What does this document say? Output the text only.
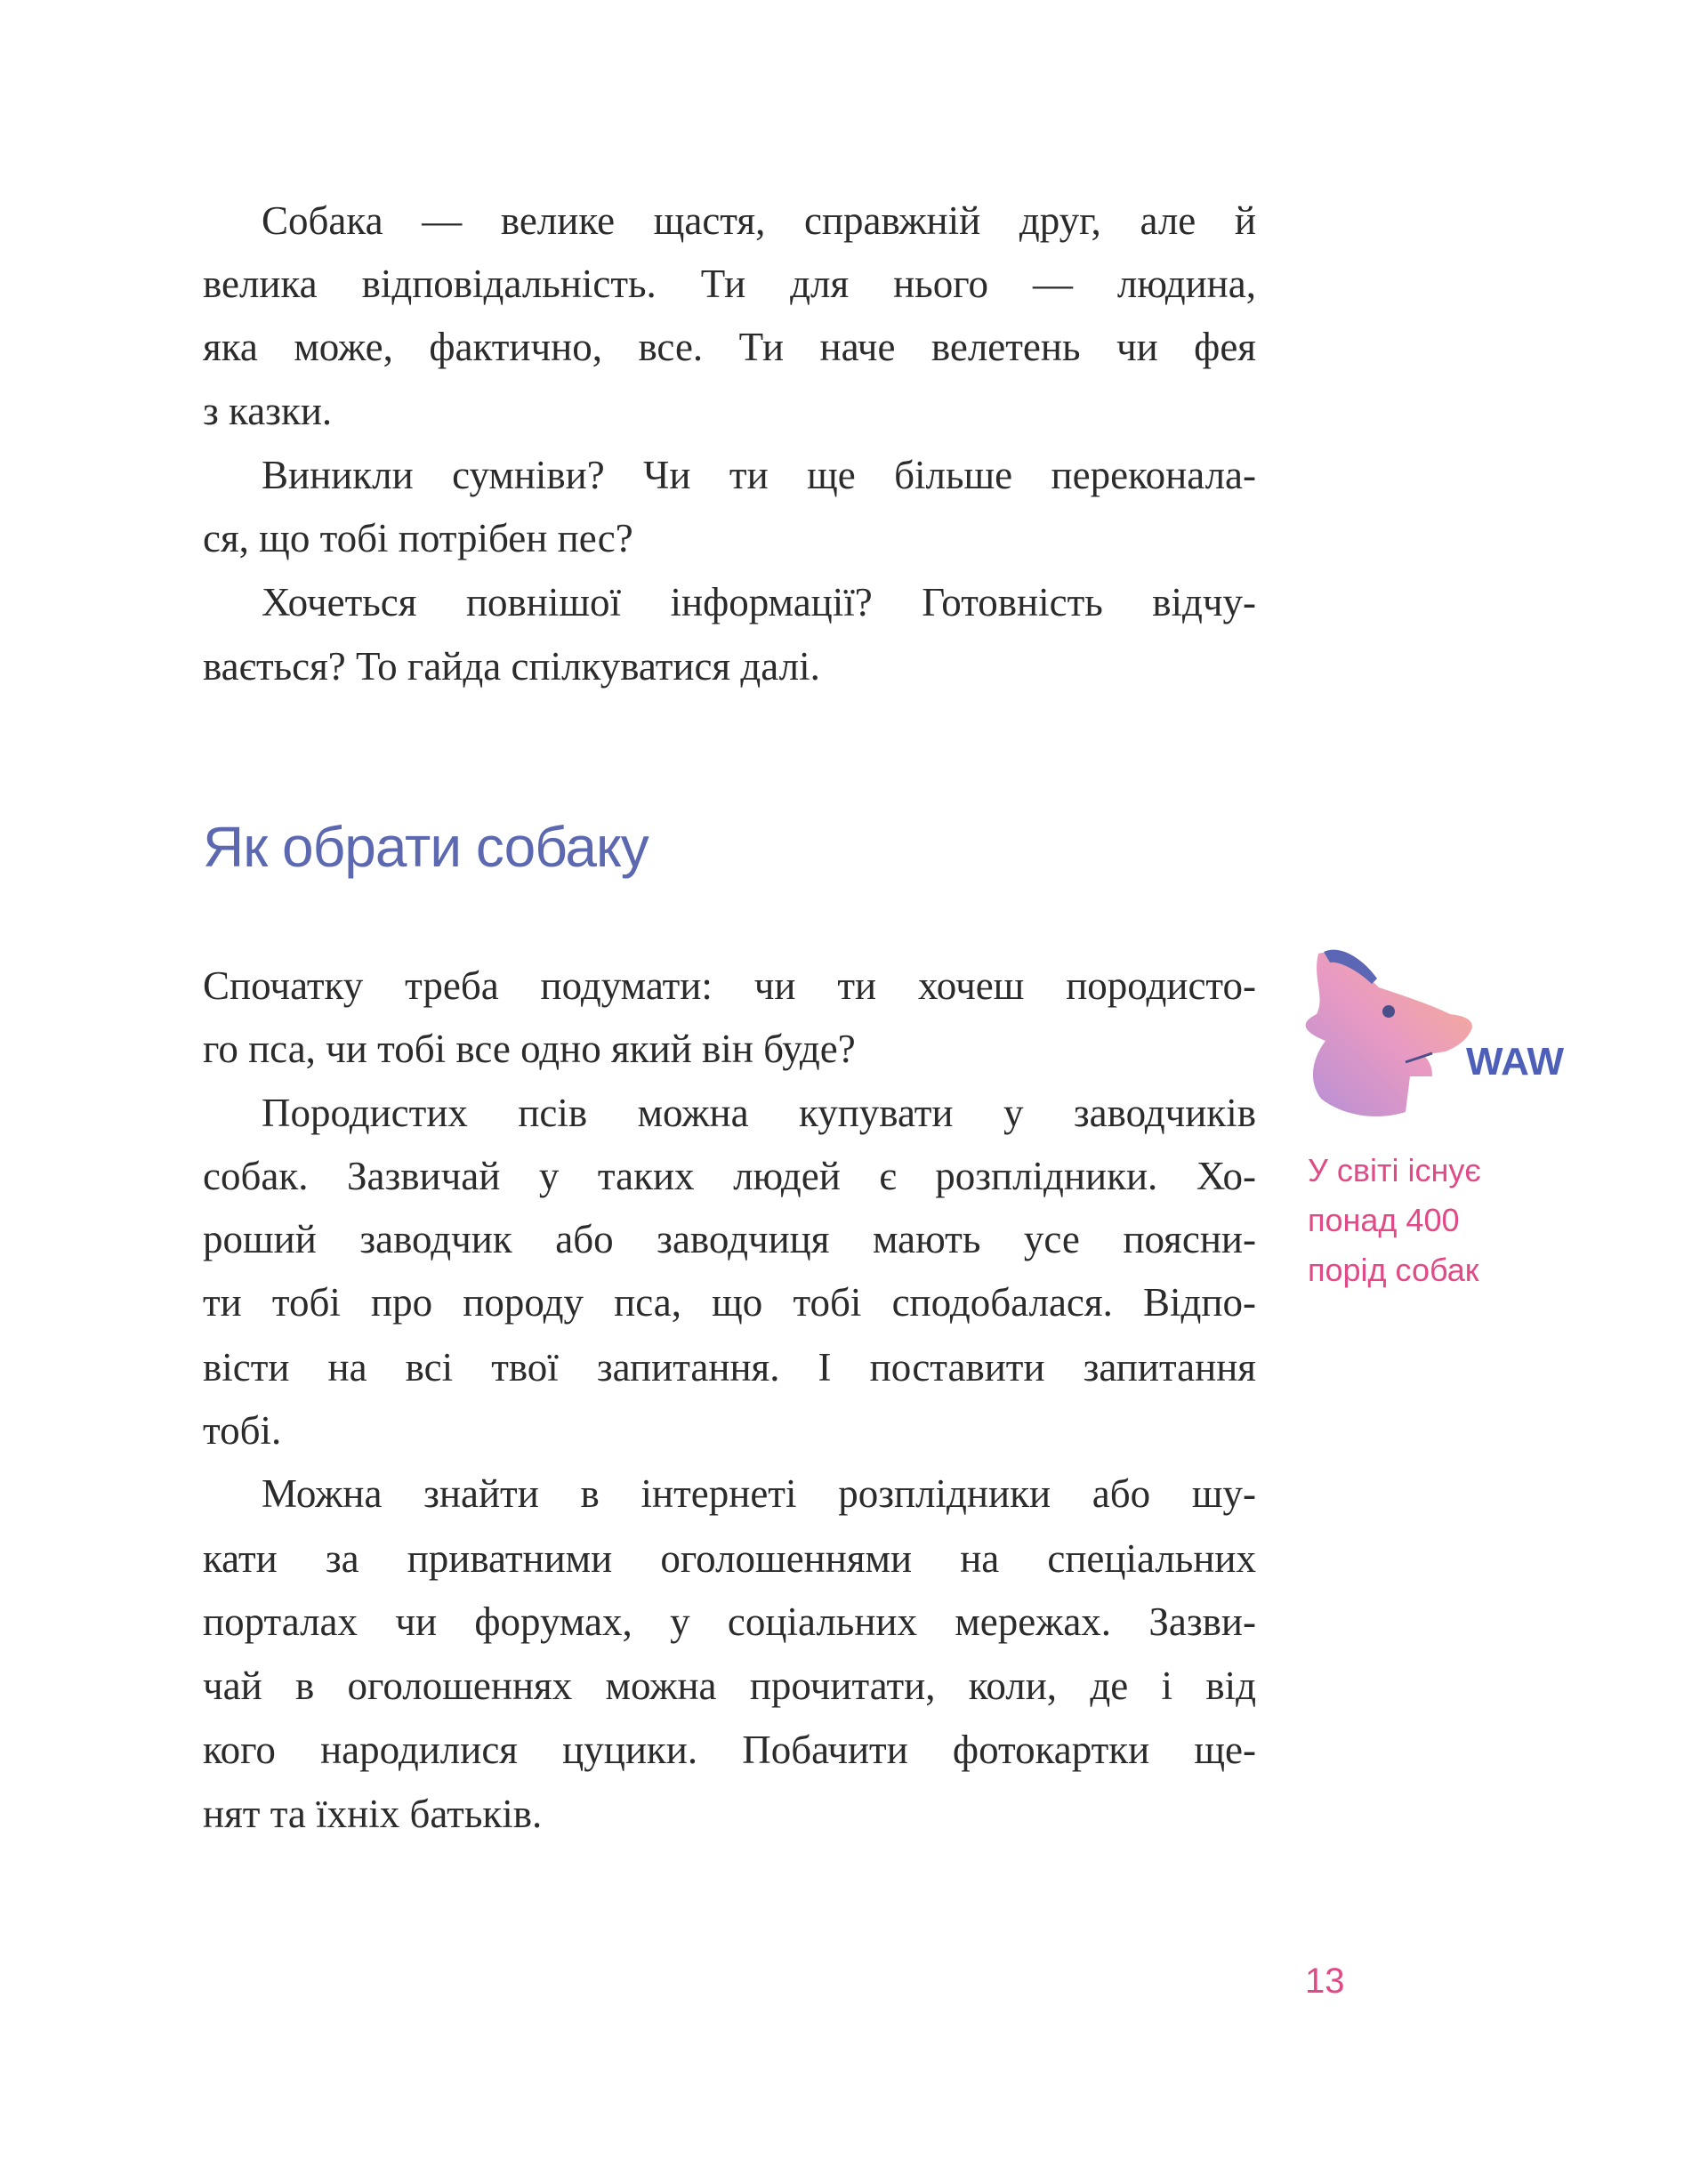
Собака — велике щастя, справжній друг, але й
велика відповідальність. Ти для нього — людина,
яка може, фактично, все. Ти наче велетень чи фея
з казки.
Виникли сумніви? Чи ти ще більше переконала-
ся, що тобі потрібен пес?
Хочеться повнішої інформації? Готовність відчу-
вається? То гайда спілкуватися далі.
Як обрати собаку
Спочатку треба подумати: чи ти хочеш породисто-
го пса, чи тобі все одно який він буде?
Породистих псів можна купувати у заводчиків
собак. Зазвичай у таких людей є розплідники. Хо-
роший заводчик або заводчиця мають усе поясни-
ти тобі про породу пса, що тобі сподобалася. Відпо-
вісти на всі твої запитання. І поставити запитання
тобі.
Можна знайти в інтернеті розплідники або шу-
кати за приватними оголошеннями на спеціальних
порталах чи форумах, у соціальних мережах. Зазви-
чай в оголошеннях можна прочитати, коли, де і від
кого народилися цуцики. Побачити фотокартки ще-
нят та їхніх батьків.
WAW
У світі існує
понад 400
порід собак
13
